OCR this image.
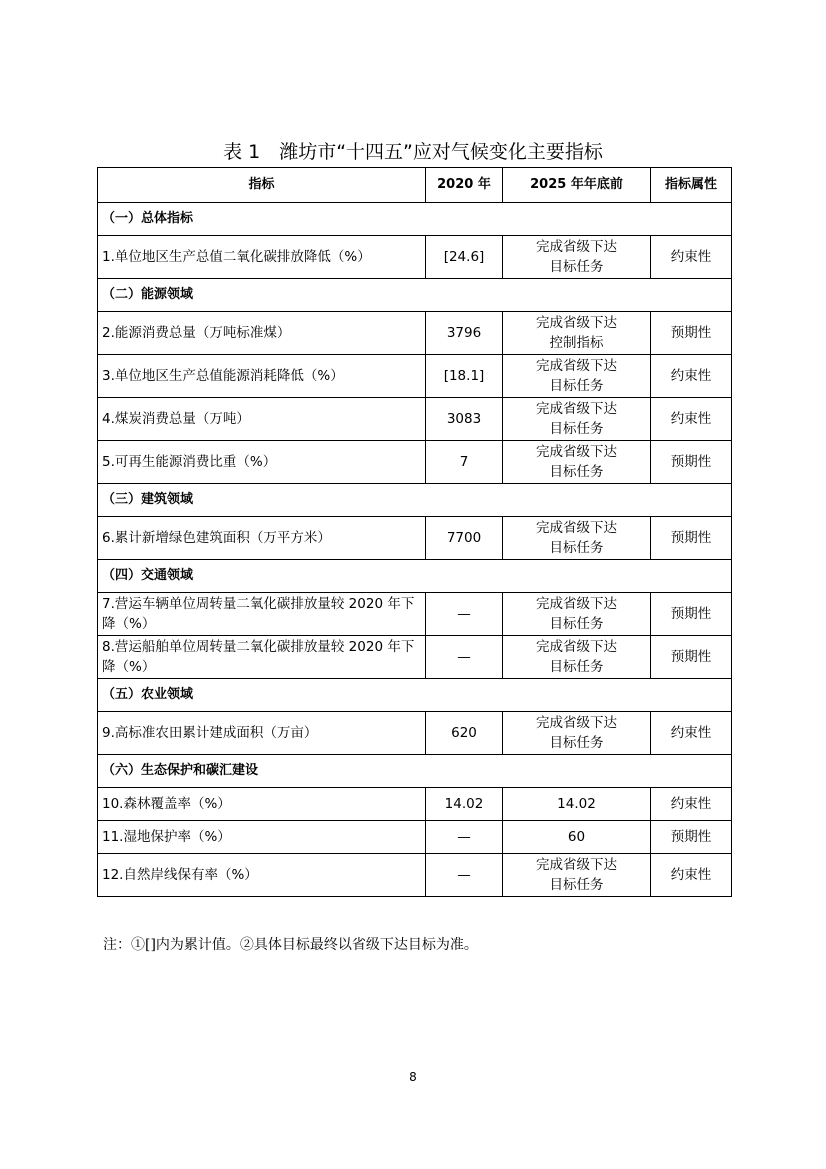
表 1　潍坊市“十四五”应对气候变化主要指标
指标	2020 年	2025 年年底前	指标属性
（一）总体指标			
1.单位地区生产总值二氧化碳排放降低（%）	[24.6]	完成省级下达
目标任务	约束性
（二）能源领域			
2.能源消费总量（万吨标准煤）	3796	完成省级下达
控制指标	预期性
3.单位地区生产总值能源消耗降低（%）	[18.1]	完成省级下达
目标任务	约束性
4.煤炭消费总量（万吨）	3083	完成省级下达
目标任务	约束性
5.可再生能源消费比重（%）	7	完成省级下达
目标任务	预期性
（三）建筑领域			
6.累计新增绿色建筑面积（万平方米）	7700	完成省级下达
目标任务	预期性
（四）交通领域			
7.营运车辆单位周转量二氧化碳排放量较 2020 年下降（%）	—	完成省级下达
目标任务	预期性
8.营运船舶单位周转量二氧化碳排放量较 2020 年下降（%）	—	完成省级下达
目标任务	预期性
（五）农业领域			
9.高标准农田累计建成面积（万亩）	620	完成省级下达
目标任务	约束性
（六）生态保护和碳汇建设			
10.森林覆盖率（%）	14.02	14.02	约束性
11.湿地保护率（%）	—	60	预期性
12.自然岸线保有率（%）	—	完成省级下达
目标任务	约束性
注：①[]内为累计值。②具体目标最终以省级下达目标为准。
8
